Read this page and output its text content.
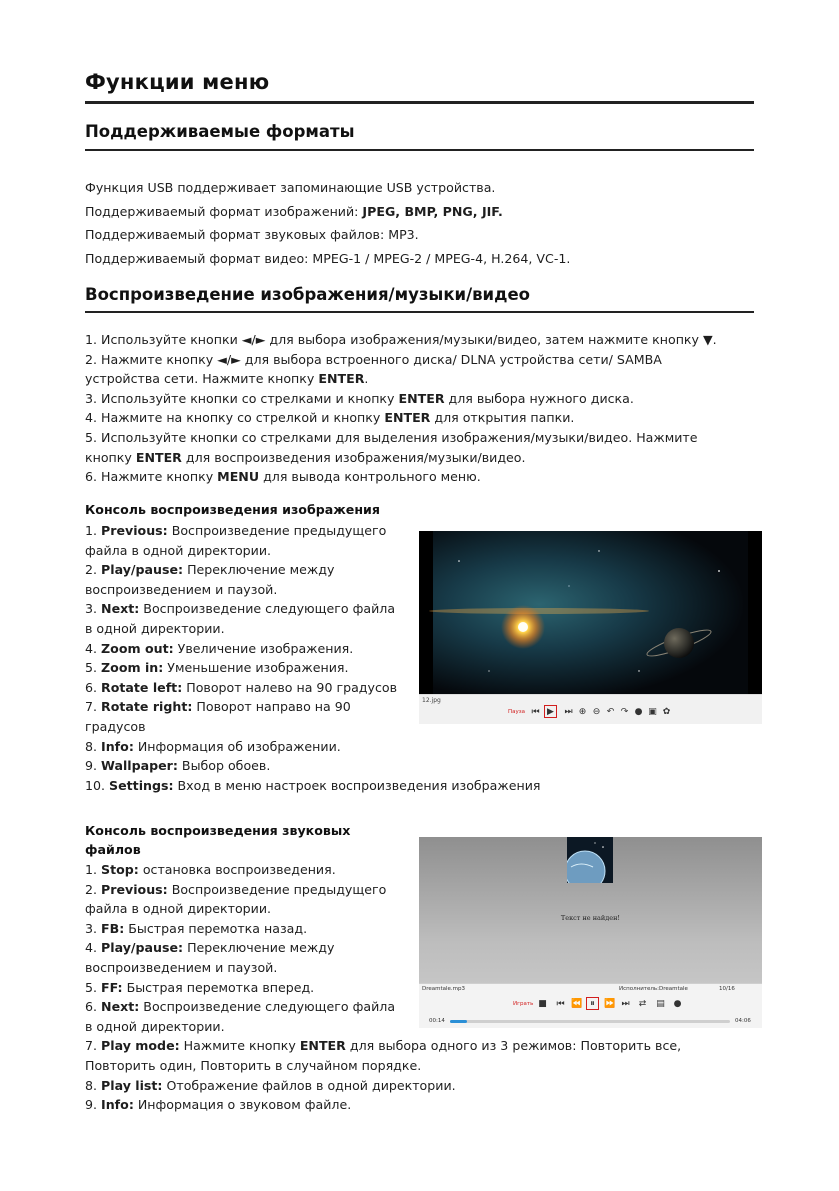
Функции меню
Поддерживаемые форматы
Функция USB поддерживает запоминающие USB устройства.
Поддерживаемый формат изображений: JPEG, BMP, PNG, JIF.
Поддерживаемый формат звуковых файлов: MP3.
Поддерживаемый формат видео: MPEG-1 / MPEG-2 / MPEG-4, H.264, VC-1.
Воспроизведение изображения/музыки/видео
1. Используйте кнопки ◄/► для выбора изображения/музыки/видео, затем нажмите кнопку ▼.
2. Нажмите кнопку ◄/► для выбора встроенного диска/ DLNA устройства сети/ SAMBA
устройства сети. Нажмите кнопку ENTER.
3. Используйте кнопки со стрелками и кнопку ENTER для выбора нужного диска.
4. Нажмите на кнопку со стрелкой и кнопку ENTER для открытия папки.
5. Используйте кнопки со стрелками для выделения изображения/музыки/видео. Нажмите
кнопку ENTER для воспроизведения изображения/музыки/видео.
6. Нажмите кнопку MENU для вывода контрольного меню.
Консоль воспроизведения изображения
1. Previous: Воспроизведение предыдущего
файла в одной директории.
2. Play/pause: Переключение между
воспроизведением и паузой.
3. Next: Воспроизведение следующего файла
в одной директории.
4. Zoom out: Увеличение изображения.
5. Zoom in: Уменьшение изображения.
6. Rotate left: Поворот налево на 90 градусов
7. Rotate right: Поворот направо на 90
градусов
8. Info: Информация об изображении.
9. Wallpaper: Выбор обоев.
10. Settings: Вход в меню настроек воспроизведения изображения
12.jpg
Пауза ⏮ ▶ ⏭ ⊕ ⊖ ↶ ↷ ● ▣ ✿
Консоль воспроизведения звуковых
файлов
1. Stop: остановка воспроизведения.
2. Previous: Воспроизведение предыдущего
файла в одной директории.
3. FB: Быстрая перемотка назад.
4. Play/pause: Переключение между
воспроизведением и паузой.
5. FF: Быстрая перемотка вперед.
6. Next: Воспроизведение следующего файла
в одной директории.
7. Play mode: Нажмите кнопку ENTER для выбора одного из 3 режимов: Повторить все,
Повторить один, Повторить в случайном порядке.
8. Play list: Отображение файлов в одной директории.
9. Info: Информация о звуковом файле.
Текст не найден!
Dreamtale.mp3	Исполнитель:Dreamtale	10/16
Играть ■ ⏮ ⏪ ⏸	⏩ ⏭ ⇄ ▤ ●
00:14	04:06
